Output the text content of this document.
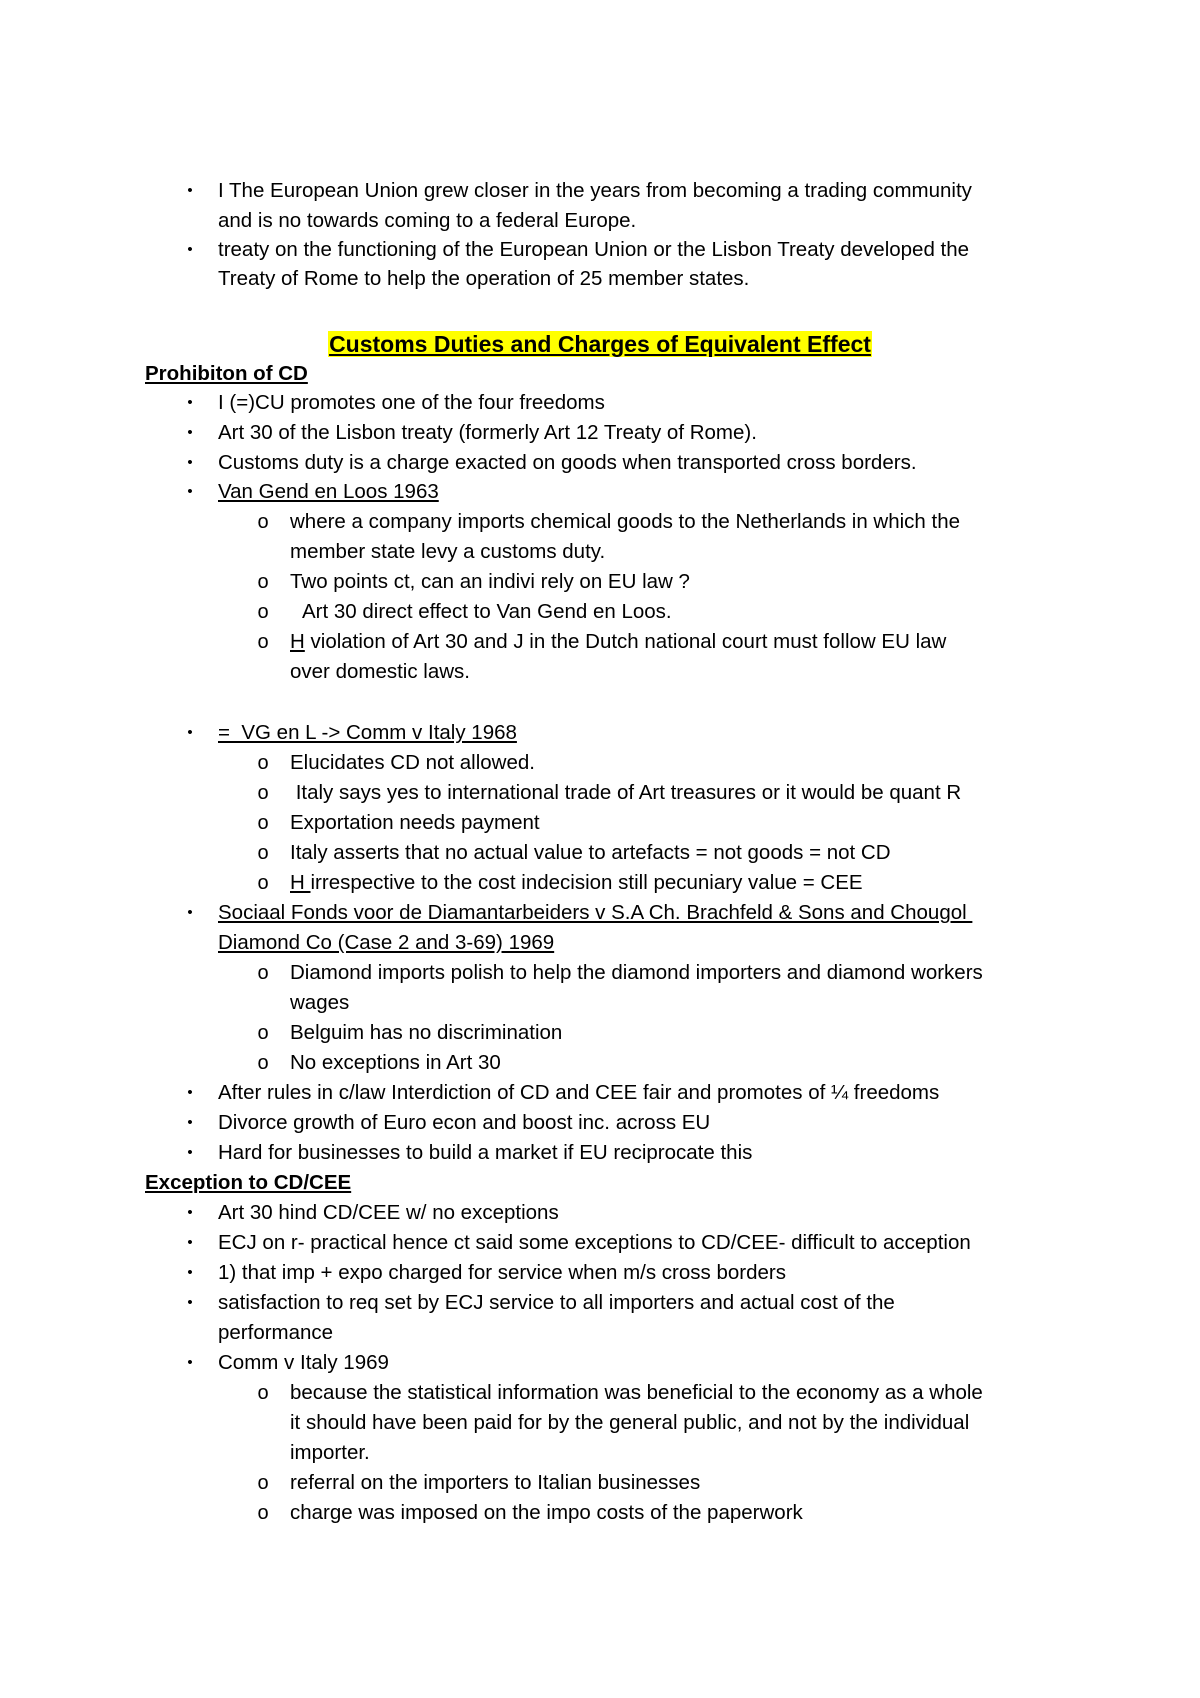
•	I The European Union grew closer in the years from becoming a trading community
and is no towards coming to a federal Europe.
•	treaty on the functioning of the European Union or the Lisbon Treaty developed the
Treaty of Rome to help the operation of 25 member states.
Customs Duties and Charges of Equivalent Effect
Prohibiton of CD
•	I (=)CU promotes one of the four freedoms
•	Art 30 of the Lisbon treaty (formerly Art 12 Treaty of Rome).
•	Customs duty is a charge exacted on goods when transported cross borders.
•	Van Gend en Loos 1963
o where a company imports chemical goods to the Netherlands in which the
member state levy a customs duty.
o Two points ct, can an indivi rely on EU law ?
o Art 30 direct effect to Van Gend en Loos.
o H violation of Art 30 and J in the Dutch national court must follow EU law
over domestic laws.
•	=  VG en L -> Comm v Italy 1968
o Elucidates CD not allowed.
o Italy says yes to international trade of Art treasures or it would be quant R
o Exportation needs payment
o Italy asserts that no actual value to artefacts = not goods = not CD
o H irrespective to the cost indecision still pecuniary value = CEE
•	Sociaal Fonds voor de Diamantarbeiders v S.A Ch. Brachfeld & Sons and Chougol
Diamond Co (Case 2 and 3-69) 1969
o Diamond imports polish to help the diamond importers and diamond workers
wages
o Belguim has no discrimination
o No exceptions in Art 30
•	After rules in c/law Interdiction of CD and CEE fair and promotes of ¼ freedoms
•	Divorce growth of Euro econ and boost inc. across EU
•	Hard for businesses to build a market if EU reciprocate this
Exception to CD/CEE
•	Art 30 hind CD/CEE w/ no exceptions
•	ECJ on r- practical hence ct said some exceptions to CD/CEE- difficult to acception
•	1) that imp + expo charged for service when m/s cross borders
•	satisfaction to req set by ECJ service to all importers and actual cost of the
performance
•	Comm v Italy 1969
o because the statistical information was beneficial to the economy as a whole
it should have been paid for by the general public, and not by the individual
importer.
o referral on the importers to Italian businesses
o charge was imposed on the impo costs of the paperwork
